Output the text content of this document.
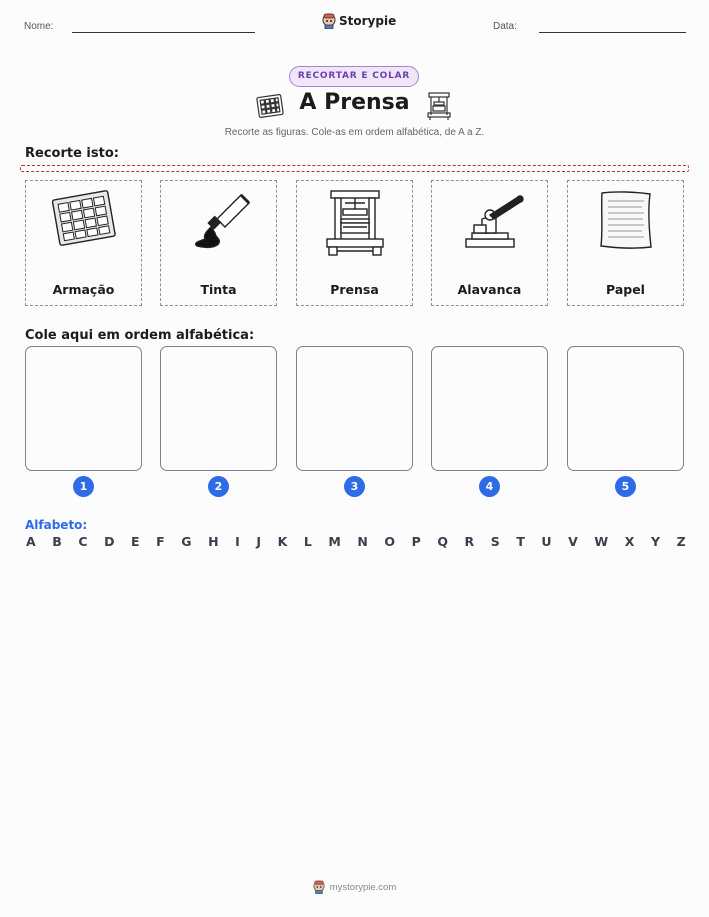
Nome:	Storypie	Data:
RECORTAR E COLAR
A Prensa
Recorte as figuras. Cole-as em ordem alfabética, de A a Z.
Recorte isto:
Armação	Tinta	Prensa	Alavanca	Papel
Cole aqui em ordem alfabética:
1	2	3	4	5
Alfabeto:
A B C D E F G H I J K L M N O P Q R S T U V W X Y Z
mystorypie.com
